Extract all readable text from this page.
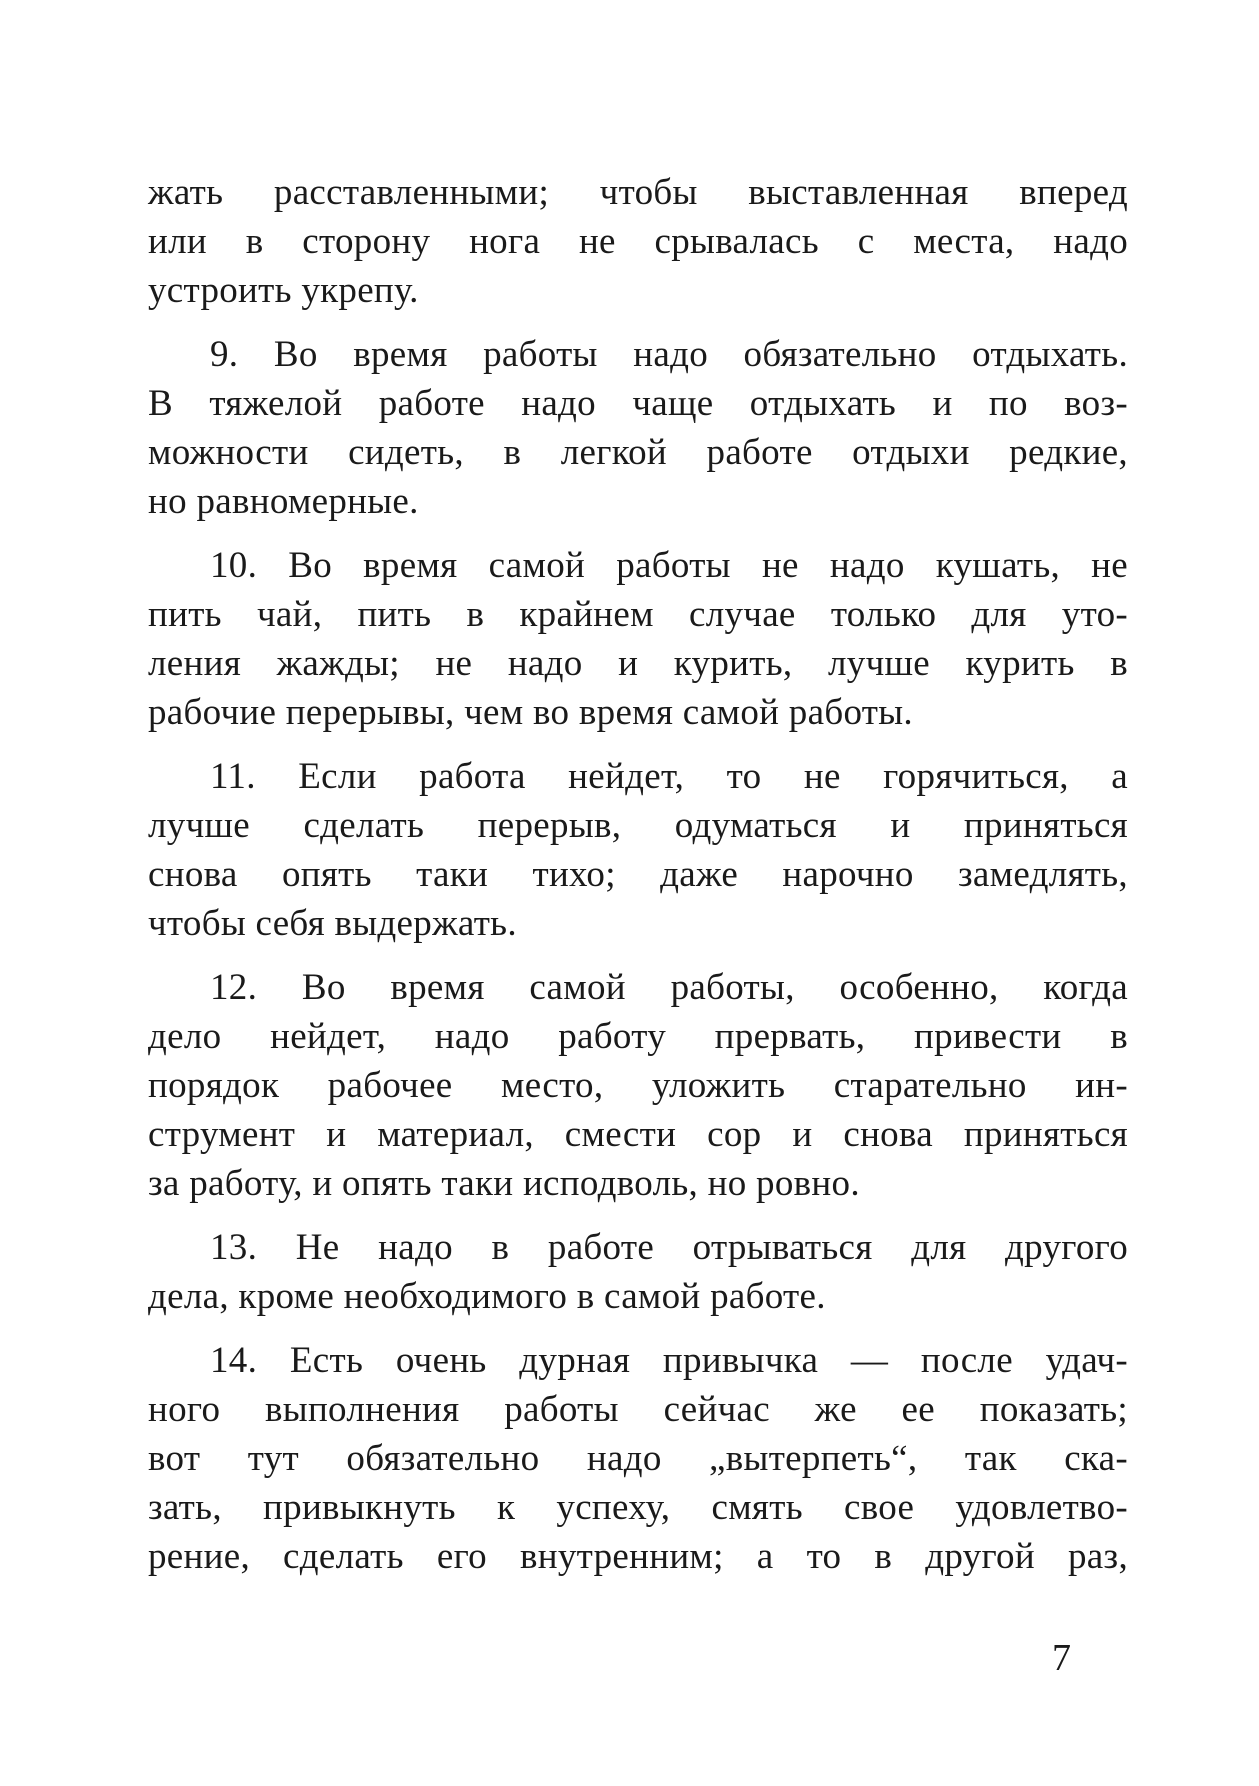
жать расставленными; чтобы выставленная вперед
или в сторону нога не срывалась с места, надо
устроить укрепу.

9. Во время работы надо обязательно отдыхать.
В тяжелой работе надо чаще отдыхать и по воз-
можности сидеть, в легкой работе отдыхи редкие,
но равномерные.

10. Во время самой работы не надо кушать, не
пить чай, пить в крайнем случае только для уто-
ления жажды; не надо и курить, лучше курить в
рабочие перерывы, чем во время самой работы.

11. Если работа нейдет, то не горячиться, а
лучше сделать перерыв, одуматься и приняться
снова опять таки тихо; даже нарочно замедлять,
чтобы себя выдержать.

12. Во время самой работы, особенно, когда
дело нейдет, надо работу прервать, привести в
порядок рабочее место, уложить старательно ин-
струмент и материал, смести сор и снова приняться
за работу, и опять таки исподволь, но ровно.

13. Не надо в работе отрываться для другого
дела, кроме необходимого в самой работе.

14. Есть очень дурная привычка — после удач-
ного выполнения работы сейчас же ее показать;
вот тут обязательно надо „вытерпеть“, так ска-
зать, привыкнуть к успеху, смять свое удовлетво-
рение, сделать его внутренним; а то в другой раз,

7
